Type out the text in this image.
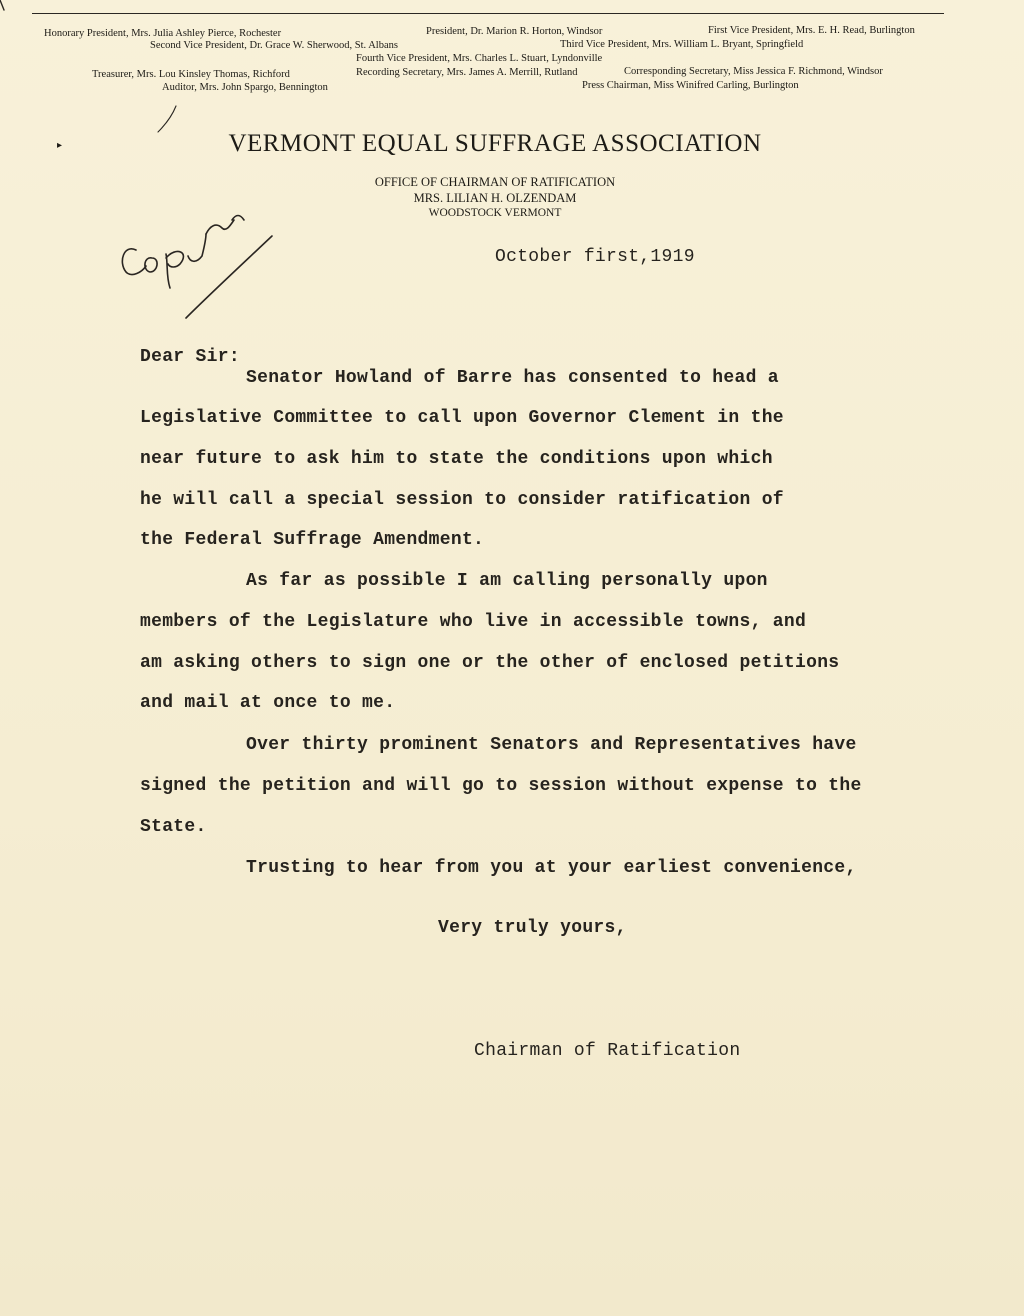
Honorary President, Mrs. Julia Ashley Pierce, Rochester	President, Dr. Marion R. Horton, Windsor	First Vice President, Mrs. E. H. Read, Burlington
Second Vice President, Dr. Grace W. Sherwood, St. Albans	Third Vice President, Mrs. William L. Bryant, Springfield
Fourth Vice President, Mrs. Charles L. Stuart, Lyndonville
Treasurer, Mrs. Lou Kinsley Thomas, Richford	Recording Secretary, Mrs. James A. Merrill, Rutland	Corresponding Secretary, Miss Jessica F. Richmond, Windsor
Auditor, Mrs. John Spargo, Bennington	Press Chairman, Miss Winifred Carling, Burlington
▸	VERMONT EQUAL SUFFRAGE ASSOCIATION
OFFICE OF CHAIRMAN OF RATIFICATION
MRS. LILIAN H. OLZENDAM
WOODSTOCK VERMONT
October first,1919
Dear Sir:
Senator Howland of Barre has consented to head a
Legislative Committee to call upon Governor Clement in the
near future to ask him to state the conditions upon which
he will call a special session to consider ratification of
the Federal Suffrage Amendment.
As far as possible I am calling personally upon
members of the Legislature who live in accessible towns, and
am asking others to sign one or the other of enclosed petitions
and mail at once to me.
Over thirty prominent Senators and Representatives have
signed the petition and will go to session without expense to the
State.
Trusting to hear from you at your earliest convenience,
Very truly yours,
Chairman of Ratification
